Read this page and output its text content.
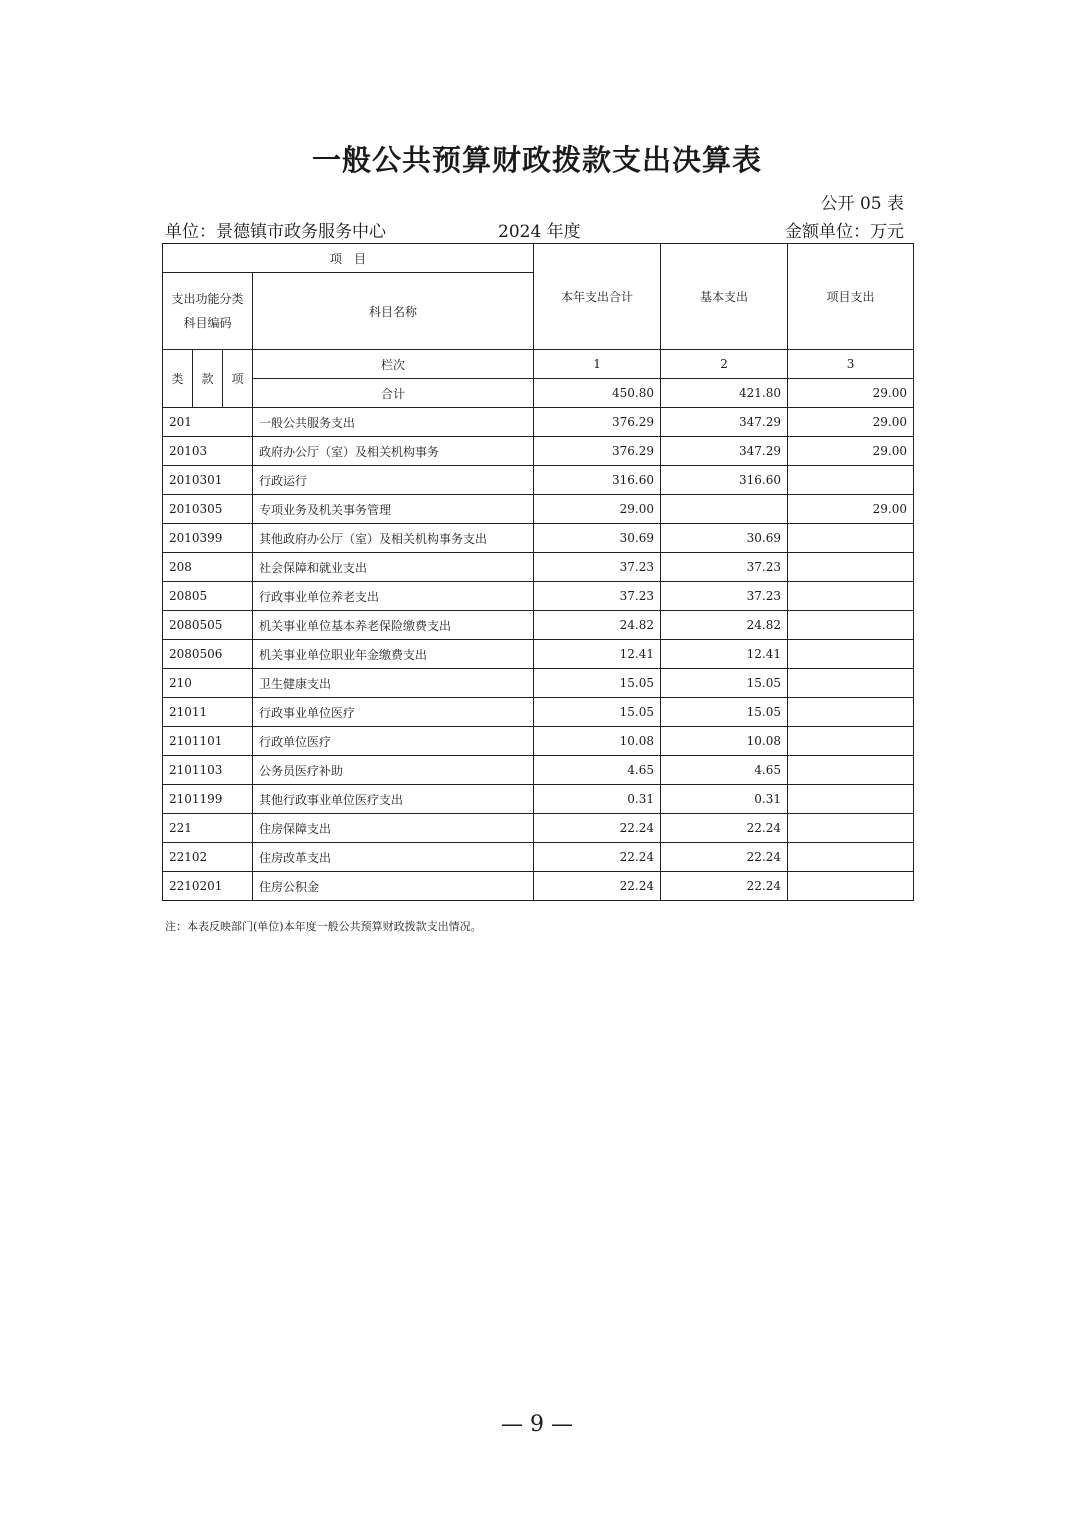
一般公共预算财政拨款支出决算表
公开 05 表
单位：景德镇市政务服务中心	2024 年度	金额单位：万元
项　目				本年支出合计	基本支出	项目支出
支出功能分类科目编码			科目名称			
类	款	项	栏次	1	2	3
			合计	450.80	421.80	29.00
201			一般公共服务支出	376.29	347.29	29.00
20103			政府办公厅（室）及相关机构事务	376.29	347.29	29.00
2010301			行政运行	316.60	316.60	
2010305			专项业务及机关事务管理	29.00		29.00
2010399			其他政府办公厅（室）及相关机构事务支出	30.69	30.69	
208			社会保障和就业支出	37.23	37.23	
20805			行政事业单位养老支出	37.23	37.23	
2080505			机关事业单位基本养老保险缴费支出	24.82	24.82	
2080506			机关事业单位职业年金缴费支出	12.41	12.41	
210			卫生健康支出	15.05	15.05	
21011			行政事业单位医疗	15.05	15.05	
2101101			行政单位医疗	10.08	10.08	
2101103			公务员医疗补助	4.65	4.65	
2101199			其他行政事业单位医疗支出	0.31	0.31	
221			住房保障支出	22.24	22.24	
22102			住房改革支出	22.24	22.24	
2210201			住房公积金	22.24	22.24	
注：本表反映部门(单位)本年度一般公共预算财政拨款支出情况。
— 9 —
